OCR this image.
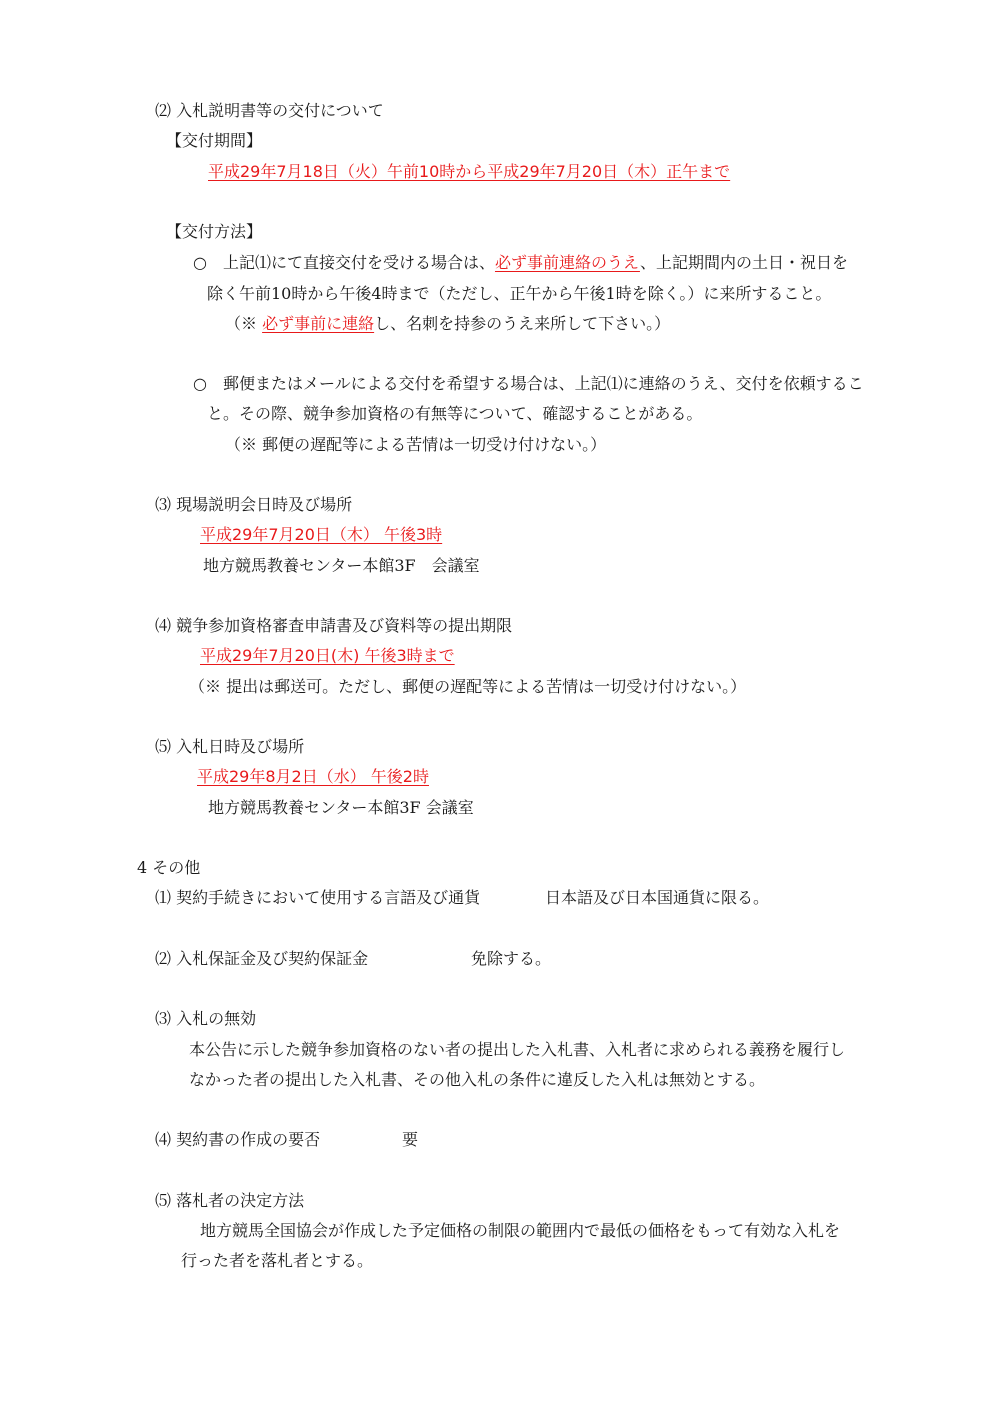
⑵ 入札説明書等の交付について
【交付期間】
平成29年7月18日（火）午前10時から平成29年7月20日（木）正午まで
【交付方法】
○　上記⑴にて直接交付を受ける場合は、必ず事前連絡のうえ、上記期間内の土日・祝日を
除く午前10時から午後4時まで（ただし、正午から午後1時を除く。）に来所すること。
（※ 必ず事前に連絡し、名刺を持参のうえ来所して下さい。）
○　郵便またはメールによる交付を希望する場合は、上記⑴に連絡のうえ、交付を依頼するこ
と。その際、競争参加資格の有無等について、確認することがある。
（※ 郵便の遅配等による苦情は一切受け付けない。）
⑶ 現場説明会日時及び場所
平成29年7月20日（木） 午後3時
地方競馬教養センター本館3F　会議室
⑷ 競争参加資格審査申請書及び資料等の提出期限
平成29年7月20日(木) 午後3時まで
（※ 提出は郵送可。ただし、郵便の遅配等による苦情は一切受け付けない。）
⑸ 入札日時及び場所
平成29年8月2日（水） 午後2時
地方競馬教養センター本館3F 会議室
4 その他
⑴ 契約手続きにおいて使用する言語及び通貨	日本語及び日本国通貨に限る。
⑵ 入札保証金及び契約保証金	免除する。
⑶ 入札の無効
本公告に示した競争参加資格のない者の提出した入札書、入札者に求められる義務を履行し
なかった者の提出した入札書、その他入札の条件に違反した入札は無効とする。
⑷ 契約書の作成の要否	要
⑸ 落札者の決定方法
地方競馬全国協会が作成した予定価格の制限の範囲内で最低の価格をもって有効な入札を
行った者を落札者とする。
